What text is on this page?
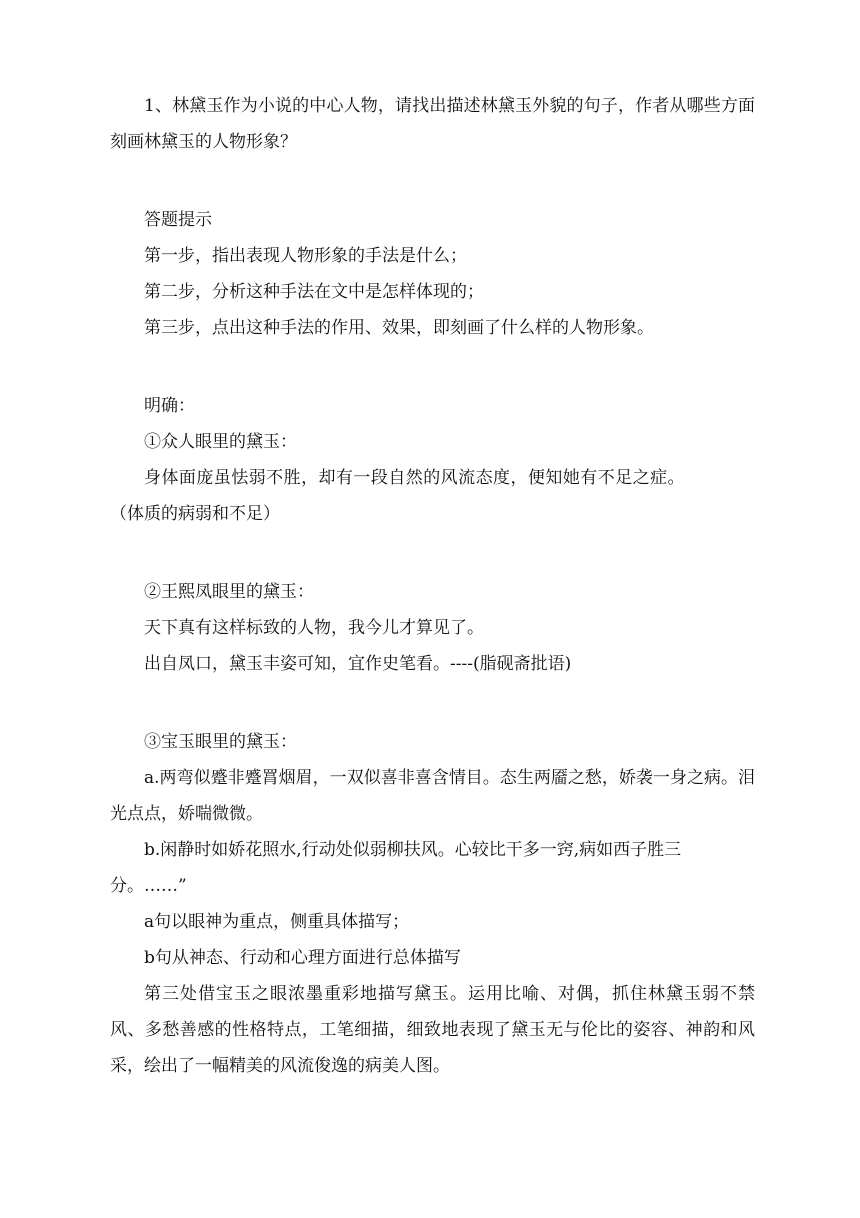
1、林黛玉作为小说的中心人物，请找出描述林黛玉外貌的句子，作者从哪些方面刻画林黛玉的人物形象？

答题提示

第一步，指出表现人物形象的手法是什么；

第二步，分析这种手法在文中是怎样体现的；

第三步，点出这种手法的作用、效果，即刻画了什么样的人物形象。

明确：

①众人眼里的黛玉：

身体面庞虽怯弱不胜，却有一段自然的风流态度，便知她有不足之症。（体质的病弱和不足）

②王熙凤眼里的黛玉：

天下真有这样标致的人物，我今儿才算见了。

出自凤口，黛玉丰姿可知，宜作史笔看。----(脂砚斋批语)

③宝玉眼里的黛玉：

a.两弯似蹙非蹙罥烟眉，一双似喜非喜含情目。态生两靥之愁，娇袭一身之病。泪光点点，娇喘微微。

b.闲静时如娇花照水,行动处似弱柳扶风。心较比干多一窍,病如西子胜三

分。……”

a句以眼神为重点，侧重具体描写；

b句从神态、行动和心理方面进行总体描写

第三处借宝玉之眼浓墨重彩地描写黛玉。运用比喻、对偶，抓住林黛玉弱不禁风、多愁善感的性格特点，工笔细描，细致地表现了黛玉无与伦比的姿容、神韵和风采，绘出了一幅精美的风流俊逸的病美人图。
